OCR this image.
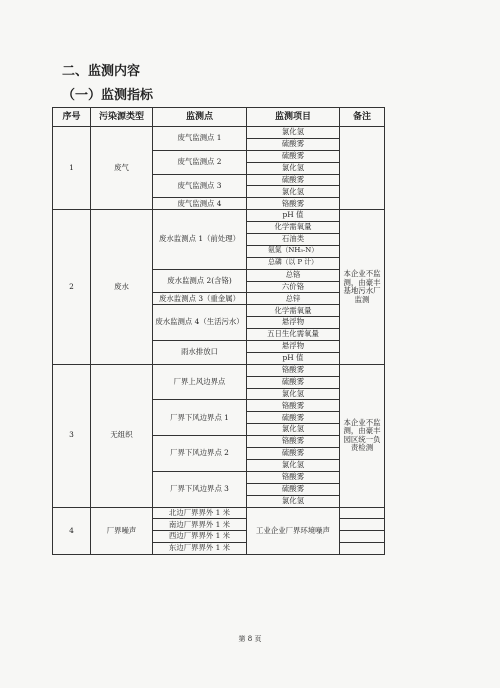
二、监测内容
（一）监测指标
序号	污染源类型	监测点	监测项目	备注
1	废气	废气监测点 1	氯化氢	
			硫酸雾	
		废气监测点 2	硫酸雾	
			氯化氢	
		废气监测点 3	硫酸雾	
			氯化氢	
		废气监测点 4	铬酸雾	
2	废水	废水监测点 1（前处理）	pH 值	本企业不监测，由豪丰基地污水厂监测
			化学需氧量	
			石油类	
			氨氮（NH₃-N）	
			总磷（以 P 计）	
		废水监测点 2(含铬)	总铬	
			六价铬	
		废水监测点 3（重金属）	总锌	

		废水监测点 4（生活污水）	化学需氧量	
			悬浮物	

			五日生化需氧量	
		雨水排放口	悬浮物	
			pH 值	
3	无组织	厂界上风边界点	铬酸雾	本企业不监测，由豪丰园区统一负责检测
			硫酸雾	
			氯化氢	
		厂界下风边界点 1	铬酸雾	
			硫酸雾	
			氯化氢	
		厂界下风边界点 2	铬酸雾	
			硫酸雾	
			氯化氢	
		厂界下风边界点 3	铬酸雾	
			硫酸雾	
			氯化氢	
4	厂界噪声	北边厂界界外 1 米	工业企业厂界环境噪声	
		南边厂界界外 1 米		
		西边厂界界外 1 米		
		东边厂界界外 1 米		
第 8 页
